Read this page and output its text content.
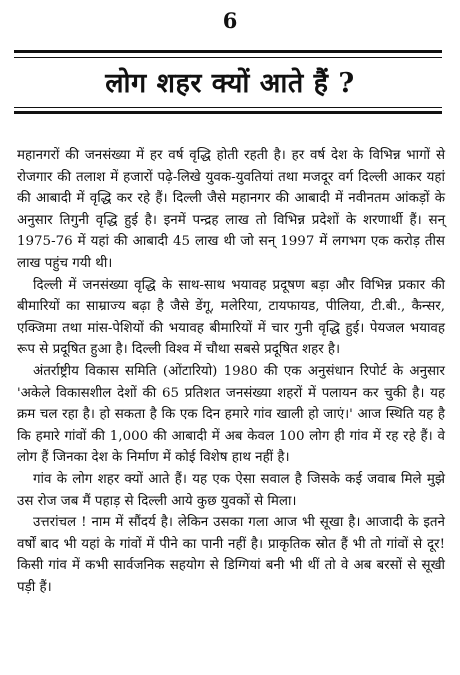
6
लोग शहर क्यों आते हैं ?

महानगरों की जनसंख्या में हर वर्ष वृद्धि होती रहती है। हर वर्ष देश के विभिन्न भागों से रोजगार की तलाश में हजारों पढ़े-लिखे युवक-युवतियां तथा मजदूर वर्ग दिल्ली आकर यहां की आबादी में वृद्धि कर रहे हैं। दिल्ली जैसे महानगर की आबादी में नवीनतम आंकड़ों के अनुसार तिगुनी वृद्धि हुई है। इनमें पन्द्रह लाख तो विभिन्न प्रदेशों के शरणार्थी हैं। सन् 1975-76 में यहां की आबादी 45 लाख थी जो सन् 1997 में लगभग एक करोड़ तीस लाख पहुंच गयी थी।

दिल्ली में जनसंख्या वृद्धि के साथ-साथ भयावह प्रदूषण बड़ा और विभिन्न प्रकार की बीमारियों का साम्राज्य बढ़ा है जैसे डेंगू, मलेरिया, टायफायड, पीलिया, टी.बी., कैन्सर, एक्जिमा तथा मांस-पेशियों की भयावह बीमारियों में चार गुनी वृद्धि हुई। पेयजल भयावह रूप से प्रदूषित हुआ है। दिल्ली विश्व में चौथा सबसे प्रदूषित शहर है।

अंतर्राष्ट्रीय विकास समिति (ओंटारियो) 1980 की एक अनुसंधान रिपोर्ट के अनुसार 'अकेले विकासशील देशों की 65 प्रतिशत जनसंख्या शहरों में पलायन कर चुकी है। यह क्रम चल रहा है। हो सकता है कि एक दिन हमारे गांव खाली हो जाएं।' आज स्थिति यह है कि हमारे गांवों की 1,000 की आबादी में अब केवल 100 लोग ही गांव में रह रहे हैं। वे लोग हैं जिनका देश के निर्माण में कोई विशेष हाथ नहीं है।

गांव के लोग शहर क्यों आते हैं। यह एक ऐसा सवाल है जिसके कई जवाब मिले मुझे उस रोज जब मैं पहाड़ से दिल्ली आये कुछ युवकों से मिला।

उत्तरांचल ! नाम में सौंदर्य है। लेकिन उसका गला आज भी सूखा है। आजादी के इतने वर्षों बाद भी यहां के गांवों में पीने का पानी नहीं है। प्राकृतिक स्रोत हैं भी तो गांवों से दूर! किसी गांव में कभी सार्वजनिक सहयोग से डिग्गियां बनी भी थीं तो वे अब बरसों से सूखी पड़ी हैं।
